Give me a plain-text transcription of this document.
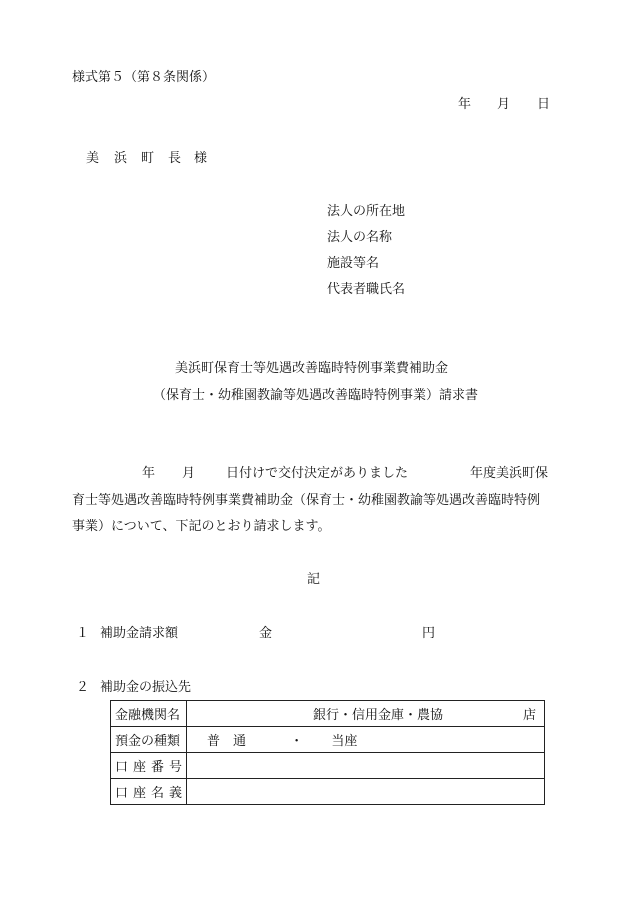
様式第５（第８条関係）
年 月 日
美 浜 町 長 様
法人の所在地
法人の名称
施設等名
代表者職氏名
美浜町保育士等処遇改善臨時特例事業費補助金
（保育士・幼稚園教諭等処遇改善臨時特例事業）請求書
年 月 日付けで交付決定がありました	年度美浜町保
育士等処遇改善臨時特例事業費補助金（保育士・幼稚園教諭等処遇改善臨時特例
事業）について、下記のとおり請求します。
記
１ 補助金請求額	金	円
２ 補助金の振込先
金融機関名	銀行・信用金庫・農協 店

預金の種類	普　通 ・ 当座

口 座 番 号	

口 座 名 義	
